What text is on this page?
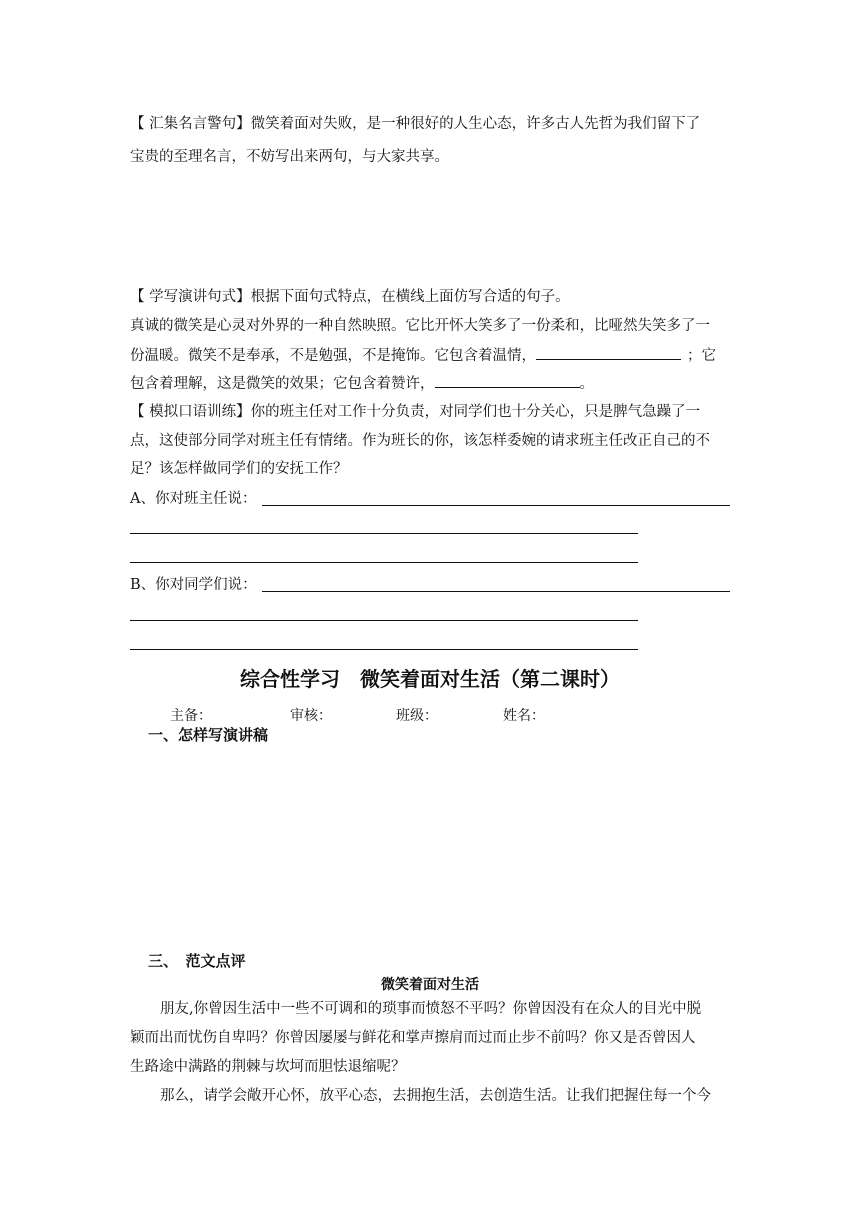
【 汇集名言警句】微笑着面对失败，是一种很好的人生心态，许多古人先哲为我们留下了
宝贵的至理名言，不妨写出来两句，与大家共享。
【 学写演讲句式】根据下面句式特点，在横线上面仿写合适的句子。
真诚的微笑是心灵对外界的一种自然映照。它比开怀大笑多了一份柔和，比哑然失笑多了一
份温暖。微笑不是奉承，不是勉强，不是掩饰。它包含着温情，	；它
包含着理解，这是微笑的效果；它包含着赞许，	。
【 模拟口语训练】你的班主任对工作十分负责，对同学们也十分关心，只是脾气急躁了一
点，这使部分同学对班主任有情绪。作为班长的你，该怎样委婉的请求班主任改正自己的不
足？该怎样做同学们的安抚工作？
A、你对班主任说：
B、你对同学们说：
综合性学习　微笑着面对生活（第二课时）
主备：	审核：	班级：	姓名：
一、怎样写演讲稿
三、　范文点评
微笑着面对生活
朋友,你曾因生活中一些不可调和的琐事而愤怒不平吗？你曾因没有在众人的目光中脱
颖而出而忧伤自卑吗？你曾因屡屡与鲜花和掌声擦肩而过而止步不前吗？你又是否曾因人
生路途中满路的荆棘与坎坷而胆怯退缩呢？
那么，请学会敞开心怀，放平心态，去拥抱生活，去创造生活。让我们把握住每一个今
